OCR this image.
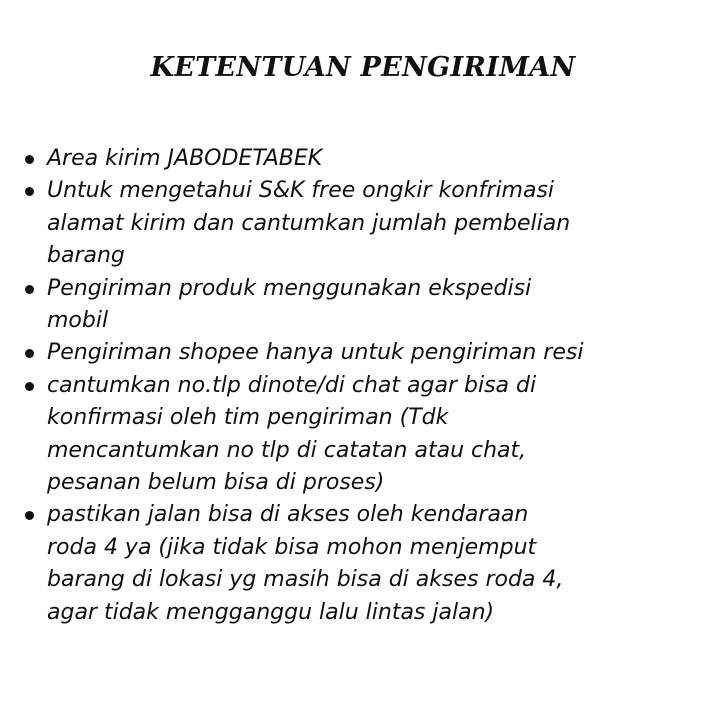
KETENTUAN PENGIRIMAN
Area kirim JABODETABEK
Untuk mengetahui S&K free ongkir konfrimasi
alamat kirim dan cantumkan jumlah pembelian
barang
Pengiriman produk menggunakan ekspedisi
mobil
Pengiriman shopee hanya untuk pengiriman resi
cantumkan no.tlp dinote/di chat agar bisa di
konfirmasi oleh tim pengiriman (Tdk
mencantumkan no tlp di catatan atau chat,
pesanan belum bisa di proses)
pastikan jalan bisa di akses oleh kendaraan
roda 4 ya (jika tidak bisa mohon menjemput
barang di lokasi yg masih bisa di akses roda 4,
agar tidak mengganggu lalu lintas jalan)
